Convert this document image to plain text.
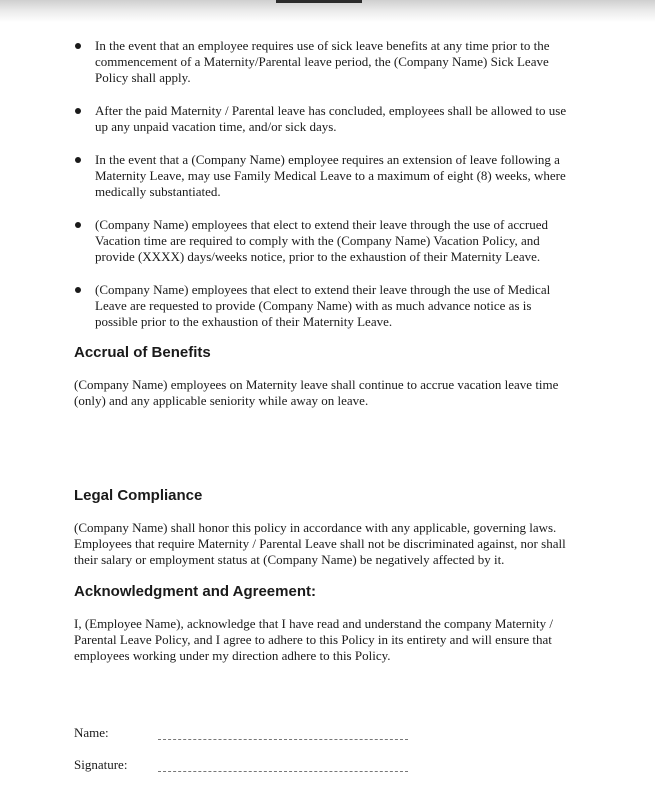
In the event that an employee requires use of sick leave benefits at any time prior to the commencement of a Maternity/Parental leave period, the (Company Name) Sick Leave Policy shall apply.
After the paid Maternity / Parental leave has concluded, employees shall be allowed to use up any unpaid vacation time, and/or sick days.
In the event that a (Company Name) employee requires an extension of leave following a Maternity Leave, may use Family Medical Leave to a maximum of eight (8) weeks, where medically substantiated.
(Company Name) employees that elect to extend their leave through the use of accrued Vacation time are required to comply with the (Company Name) Vacation Policy, and provide (XXXX) days/weeks notice, prior to the exhaustion of their Maternity Leave.
(Company Name) employees that elect to extend their leave through the use of Medical Leave are requested to provide (Company Name) with as much advance notice as is possible prior to the exhaustion of their Maternity Leave.
Accrual of Benefits

(Company Name) employees on Maternity leave shall continue to accrue vacation leave time (only) and any applicable seniority while away on leave.

Legal Compliance

(Company Name) shall honor this policy in accordance with any applicable, governing laws. Employees that require Maternity / Parental Leave shall not be discriminated against, nor shall their salary or employment status at (Company Name) be negatively affected by it.

Acknowledgment and Agreement:

I, (Employee Name), acknowledge that I have read and understand the company Maternity / Parental Leave Policy, and I agree to adhere to this Policy in its entirety and will ensure that employees working under my direction adhere to this Policy.

Name:
Signature:
